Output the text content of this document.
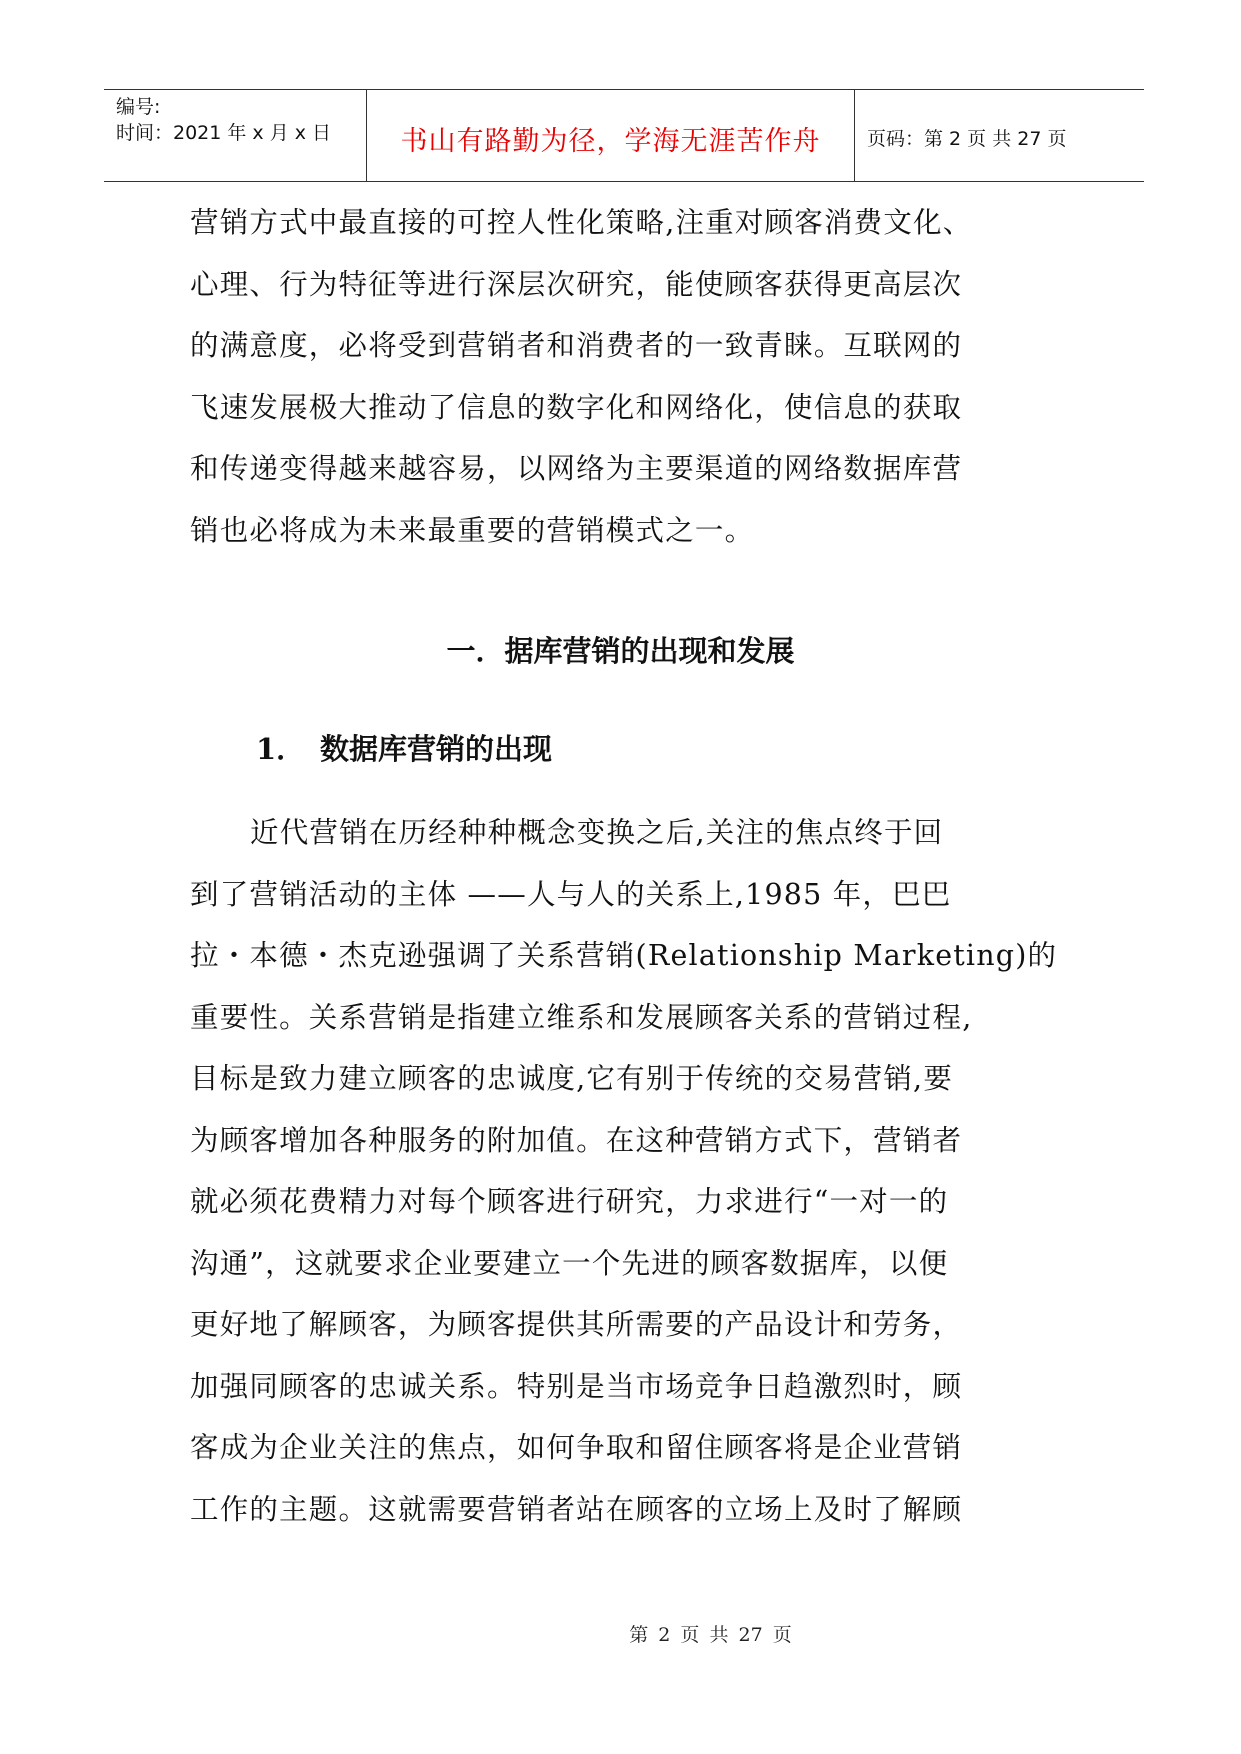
编号:
时间：2021 年 x 月 x 日	书山有路勤为径，学海无涯苦作舟	页码：第 2 页 共 27 页

营销方式中最直接的可控人性化策略,注重对顾客消费文化、
心理、行为特征等进行深层次研究，能使顾客获得更高层次
的满意度，必将受到营销者和消费者的一致青睐。互联网的
飞速发展极大推动了信息的数字化和网络化，使信息的获取
和传递变得越来越容易，以网络为主要渠道的网络数据库营
销也必将成为未来最重要的营销模式之一。

一．据库营销的出现和发展
1． 数据库营销的出现

近代营销在历经种种概念变换之后,关注的焦点终于回
到了营销活动的主体 ——人与人的关系上,1985 年，巴巴
拉・本德・杰克逊强调了关系营销(Relationship Marketing)的
重要性。关系营销是指建立维系和发展顾客关系的营销过程,
目标是致力建立顾客的忠诚度,它有别于传统的交易营销,要
为顾客增加各种服务的附加值。在这种营销方式下，营销者
就必须花费精力对每个顾客进行研究，力求进行“一对一的
沟通”，这就要求企业要建立一个先进的顾客数据库，以便
更好地了解顾客，为顾客提供其所需要的产品设计和劳务，
加强同顾客的忠诚关系。特别是当市场竞争日趋激烈时，顾
客成为企业关注的焦点，如何争取和留住顾客将是企业营销
工作的主题。这就需要营销者站在顾客的立场上及时了解顾

第 2 页 共 27 页
